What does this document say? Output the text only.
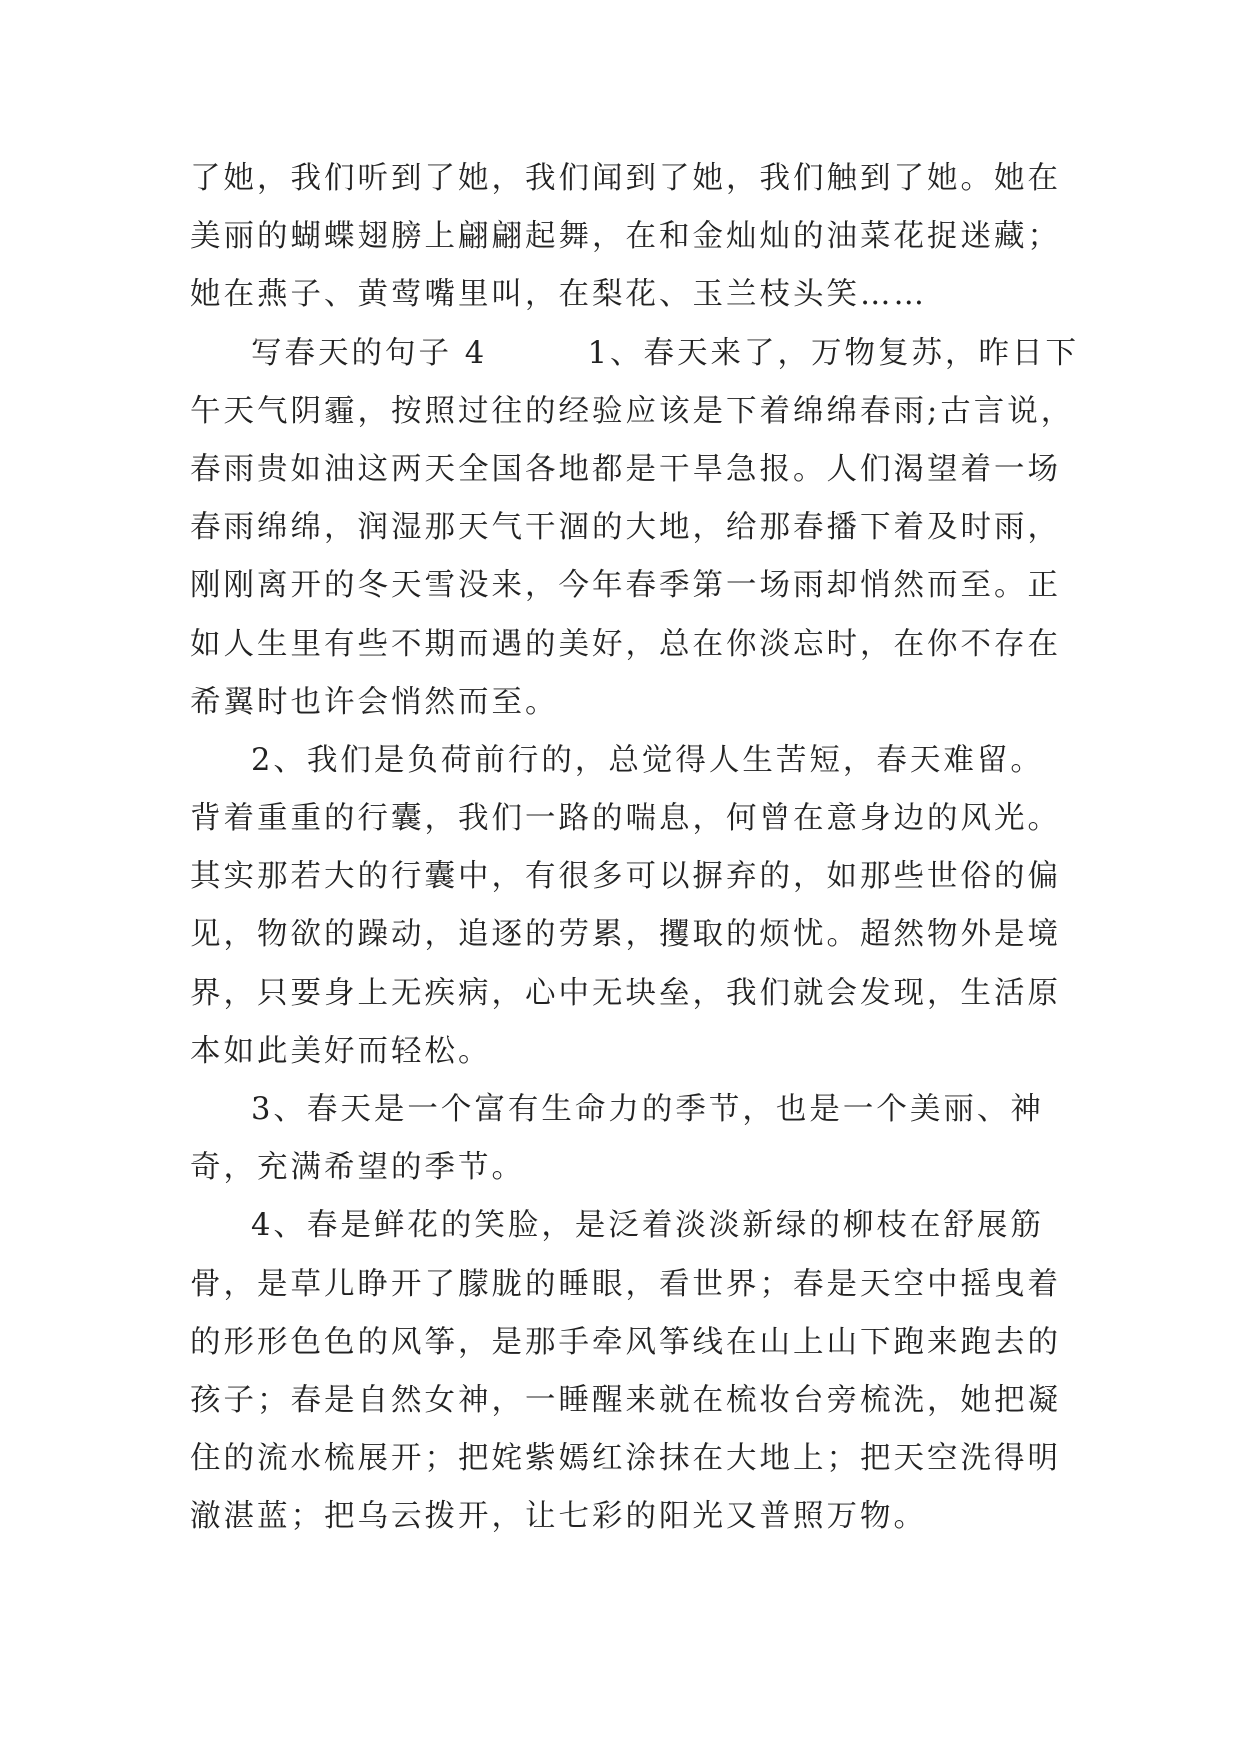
了她，我们听到了她，我们闻到了她，我们触到了她。她在
美丽的蝴蝶翅膀上翩翩起舞，在和金灿灿的油菜花捉迷藏；
她在燕子、黄莺嘴里叫，在梨花、玉兰枝头笑……
写春天的句子 4　　　1、春天来了，万物复苏，昨日下
午天气阴霾，按照过往的经验应该是下着绵绵春雨;古言说，
春雨贵如油这两天全国各地都是干旱急报。人们渴望着一场
春雨绵绵，润湿那天气干涸的大地，给那春播下着及时雨，
刚刚离开的冬天雪没来，今年春季第一场雨却悄然而至。正
如人生里有些不期而遇的美好，总在你淡忘时，在你不存在
希翼时也许会悄然而至。
2、我们是负荷前行的，总觉得人生苦短，春天难留。
背着重重的行囊，我们一路的喘息，何曾在意身边的风光。
其实那若大的行囊中，有很多可以摒弃的，如那些世俗的偏
见，物欲的躁动，追逐的劳累，攫取的烦忧。超然物外是境
界，只要身上无疾病，心中无块垒，我们就会发现，生活原
本如此美好而轻松。
3、春天是一个富有生命力的季节，也是一个美丽、神
奇，充满希望的季节。
4、春是鲜花的笑脸，是泛着淡淡新绿的柳枝在舒展筋
骨，是草儿睁开了朦胧的睡眼，看世界；春是天空中摇曳着
的形形色色的风筝，是那手牵风筝线在山上山下跑来跑去的
孩子；春是自然女神，一睡醒来就在梳妆台旁梳洗，她把凝
住的流水梳展开；把姹紫嫣红涂抹在大地上；把天空洗得明
澈湛蓝；把乌云拨开，让七彩的阳光又普照万物。
